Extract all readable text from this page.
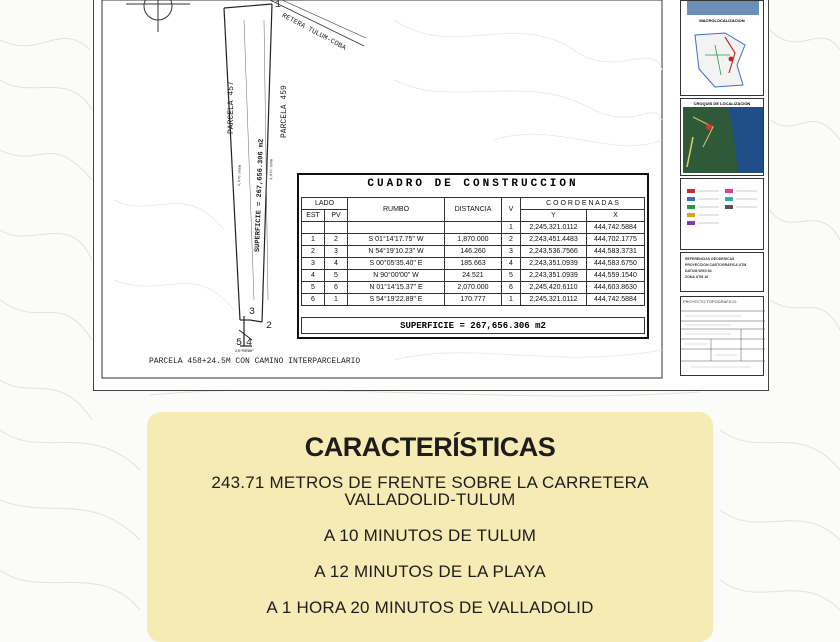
RETERA TULUM-COBA
1
2
3
4
5
PARCELA 457	PARCELA 459
SUPERFICIE = 267,656.306 m2
2,070.000m	1,870.000m
24.521m
PARCELA 458+24.5M CON CAMINO INTERPARCELARIO
CUADRO DE CONSTRUCCION
LADO		RUMBO	DISTANCIA	V	C O O R D E N A D A S	
EST	PV				Y	X
				1	2,245,321.0112	444,742.5884
1	2	S 01°14'17.75" W	1,870.000	2	2,243,451.4483	444,702.1775
2	3	N 54°19'10.23" W	146.260	3	2,243,536.7566	444,583.3731
3	4	S 00°05'35.40" E	185.663	4	2,243,351.0939	444,583.6750
4	5	N 90°00'00" W	24.521	5	2,243,351.0939	444,559.1540
5	6	N 01°14'15.37" E	2,070.000	6	2,245,420.6110	444,603.8630
6	1	S 54°19'22.89" E	170.777	1	2,245,321.0112	444,742.5884
SUPERFICIE = 267,656.306 m2
MACROLOCALIZACION
CROQUIS DE LOCALIZACION
REFERENCIAS GEODESICAS
PROYECCION CARTOGRAFICA UTM
DATUM WGS 84
ZONA UTM 16
PROYECTO TOPOGRAFICO:
CARACTERÍSTICAS
243.71 METROS DE FRENTE SOBRE LA CARRETERA
VALLADOLID-TULUM
A 10 MINUTOS DE TULUM
A 12 MINUTOS DE LA PLAYA
A 1 HORA 20 MINUTOS DE VALLADOLID
